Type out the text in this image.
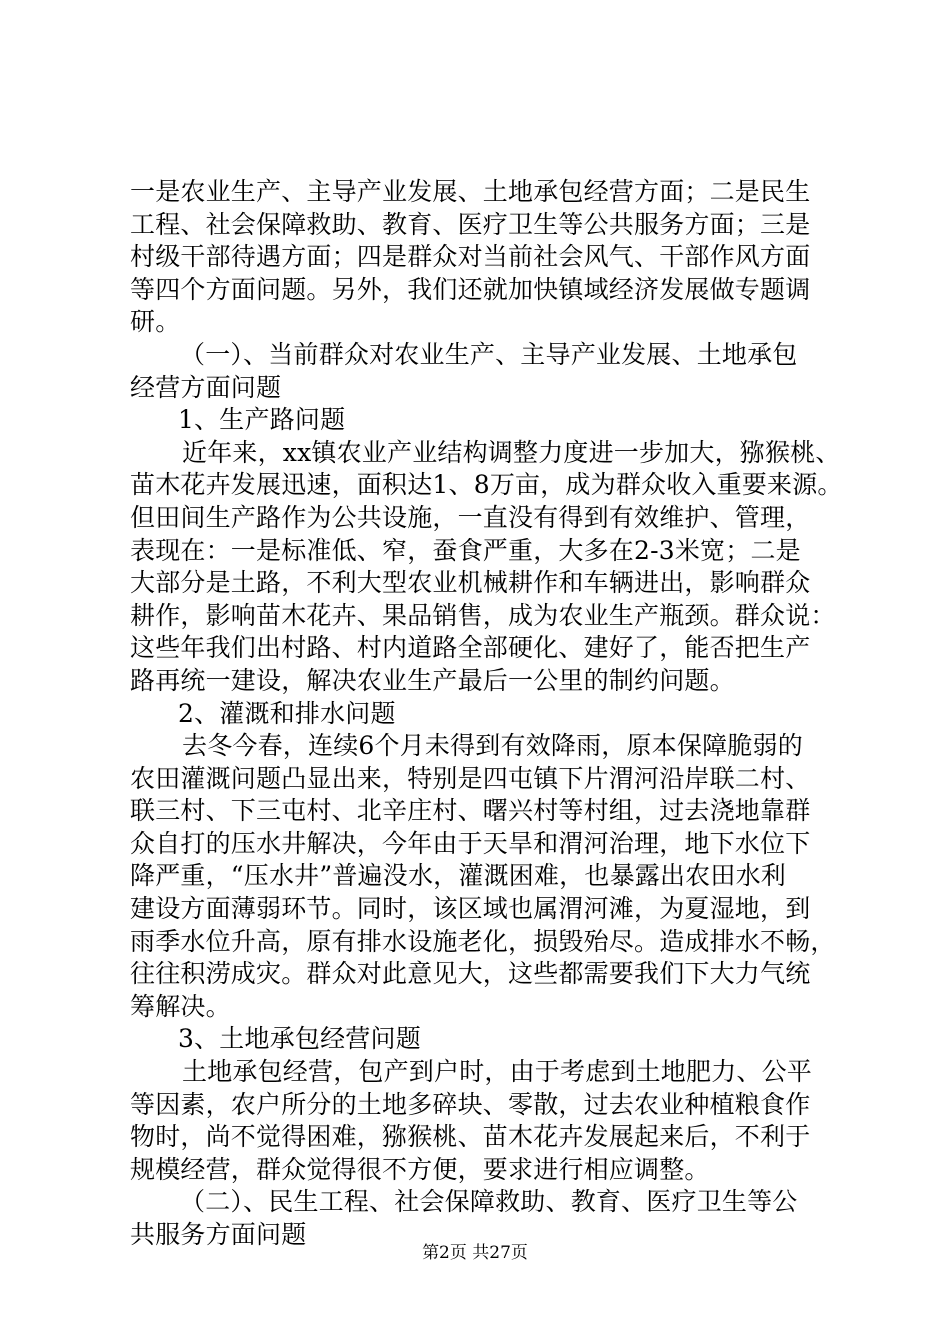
一是农业生产、主导产业发展、土地承包经营方面；二是民生
工程、社会保障救助、教育、医疗卫生等公共服务方面；三是
村级干部待遇方面；四是群众对当前社会风气、干部作风方面
等四个方面问题。另外，我们还就加快镇域经济发展做专题调
研。
（一）、当前群众对农业生产、主导产业发展、土地承包
经营方面问题
1、生产路问题
近年来，xx镇农业产业结构调整力度进一步加大，猕猴桃、
苗木花卉发展迅速，面积达1、8万亩，成为群众收入重要来源。
但田间生产路作为公共设施，一直没有得到有效维护、管理，
表现在：一是标准低、窄，蚕食严重，大多在2-3米宽；二是
大部分是土路，不利大型农业机械耕作和车辆进出，影响群众
耕作，影响苗木花卉、果品销售，成为农业生产瓶颈。群众说：
这些年我们出村路、村内道路全部硬化、建好了，能否把生产
路再统一建设，解决农业生产最后一公里的制约问题。
2、灌溉和排水问题
去冬今春，连续6个月未得到有效降雨，原本保障脆弱的
农田灌溉问题凸显出来，特别是四屯镇下片渭河沿岸联二村、
联三村、下三屯村、北辛庄村、曙兴村等村组，过去浇地靠群
众自打的压水井解决，今年由于天旱和渭河治理，地下水位下
降严重，“压水井”普遍没水，灌溉困难，也暴露出农田水利
建设方面薄弱环节。同时，该区域也属渭河滩，为夏湿地，到
雨季水位升高，原有排水设施老化，损毁殆尽。造成排水不畅，
往往积涝成灾。群众对此意见大，这些都需要我们下大力气统
筹解决。
3、土地承包经营问题
土地承包经营，包产到户时，由于考虑到土地肥力、公平
等因素，农户所分的土地多碎块、零散，过去农业种植粮食作
物时，尚不觉得困难，猕猴桃、苗木花卉发展起来后，不利于
规模经营，群众觉得很不方便，要求进行相应调整。
（二）、民生工程、社会保障救助、教育、医疗卫生等公
共服务方面问题
第2页 共27页
